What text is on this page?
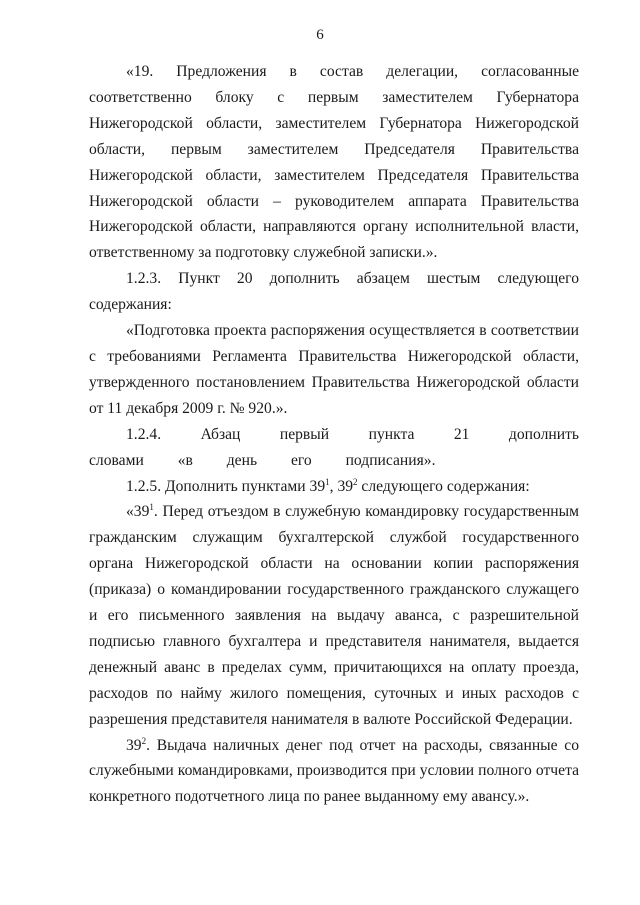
6

«19. Предложения в состав делегации, согласованные соответственно блоку с первым заместителем Губернатора Нижегородской области, заместителем Губернатора Нижегородской области, первым заместителем Председателя Правительства Нижегородской области, заместителем Председателя Правительства Нижегородской области – руководителем аппарата Правительства Нижегородской области, направляются органу исполнительной власти, ответственному за подготовку служебной записки.».

1.2.3. Пункт 20 дополнить абзацем шестым следующего содержания:

«Подготовка проекта распоряжения осуществляется в соответствии с требованиями Регламента Правительства Нижегородской области, утвержденного постановлением Правительства Нижегородской области от 11 декабря 2009 г. № 920.».

1.2.4. Абзац первый пункта 21 дополнить словами «в день его подписания».

1.2.5. Дополнить пунктами $39^1$, $39^2$ следующего содержания:

«$39^1$. Перед отъездом в служебную командировку государственным гражданским служащим бухгалтерской службой государственного органа Нижегородской области на основании копии распоряжения (приказа) о командировании государственного гражданского служащего и его письменного заявления на выдачу аванса, с разрешительной подписью главного бухгалтера и представителя нанимателя, выдается денежный аванс в пределах сумм, причитающихся на оплату проезда, расходов по найму жилого помещения, суточных и иных расходов с разрешения представителя нанимателя в валюте Российской Федерации.

$39^2$. Выдача наличных денег под отчет на расходы, связанные со служебными командировками, производится при условии полного отчета конкретного подотчетного лица по ранее выданному ему авансу.».
